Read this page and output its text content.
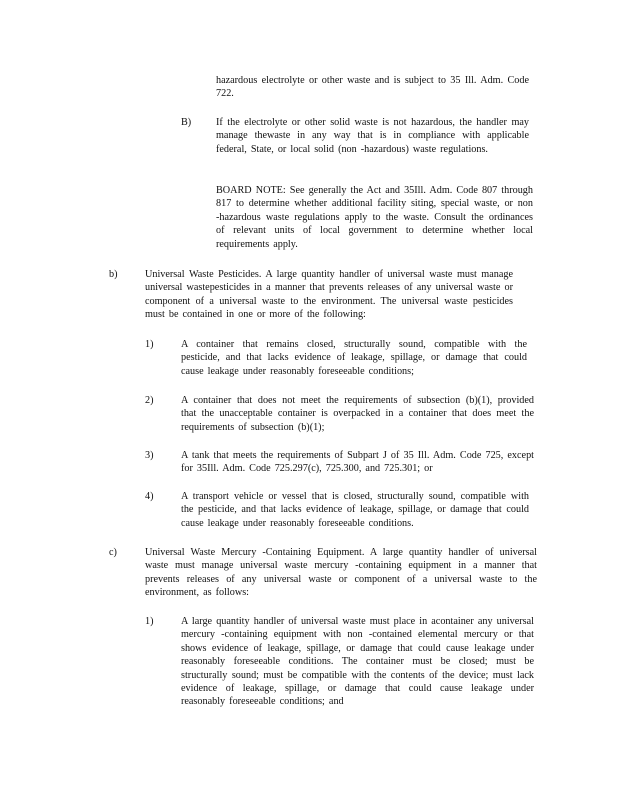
hazardous electrolyte or other waste and is subject to 35 Ill. Adm. Code 722.
B) If the electrolyte or other solid waste is not hazardous, the handler may manage thewaste in any way that is in compliance with applicable federal, State, or local solid (non -hazardous) waste regulations.
BOARD NOTE: See generally the Act and 35Ill. Adm. Code 807 through 817 to determine whether additional facility siting, special waste, or non -hazardous waste regulations apply to the waste. Consult the ordinances of relevant units of local government to determine whether local requirements apply.
b)	Universal Waste Pesticides. A large quantity handler of universal waste must manage universal wastepesticides in a manner that prevents releases of any universal waste or component of a universal waste to the environment. The universal waste pesticides must be contained in one or more of the following:
1)	A container that remains closed, structurally sound, compatible with the pesticide, and that lacks evidence of leakage, spillage, or damage that could cause leakage under reasonably foreseeable conditions;
2)	A container that does not meet the requirements of subsection (b)(1), provided that the unacceptable container is overpacked in a container that does meet the requirements of subsection (b)(1);
3)	A tank that meets the requirements of Subpart J of 35 Ill. Adm. Code 725, except for 35Ill. Adm. Code 725.297(c), 725.300, and 725.301; or
4)	A transport vehicle or vessel that is closed, structurally sound, compatible with the pesticide, and that lacks evidence of leakage, spillage, or damage that could cause leakage under reasonably foreseeable conditions.
c)	Universal Waste Mercury -Containing Equipment. A large quantity handler of universal waste must manage universal waste mercury -containing equipment in a manner that prevents releases of any universal waste or component of a universal waste to the environment, as follows:
1)	A large quantity handler of universal waste must place in acontainer any universal mercury -containing equipment with non -contained elemental mercury or that shows evidence of leakage, spillage, or damage that could cause leakage under reasonably foreseeable conditions. The container must be closed; must be structurally sound; must be compatible with the contents of the device; must lack evidence of leakage, spillage, or damage that could cause leakage under reasonably foreseeable conditions; and
